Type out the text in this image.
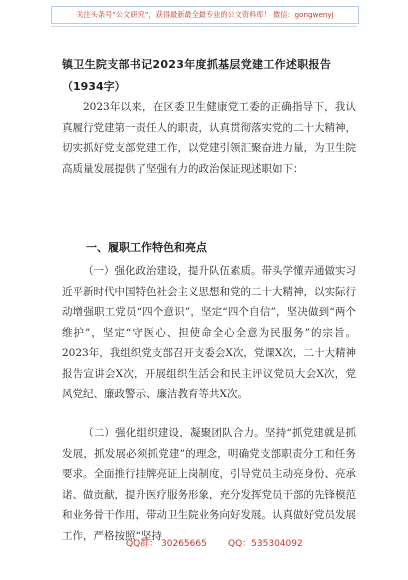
关注头条号“公文研究”，获得最新最全最专业的公文资料库！ 微信：gongwenyj
镇卫生院支部书记2023年度抓基层党建工作述职报告
（1934字）
2023年以来，在区委卫生健康党工委的正确指导下，我认真履行党建第一责任人的职责，认真贯彻落实党的二十大精神，切实抓好党支部党建工作，以党建引领汇聚奋进力量，为卫生院高质量发展提供了坚强有力的政治保证现述职如下：
一、履职工作特色和亮点
（一）强化政治建设，提升队伍素质。带头学懂弄通做实习近平新时代中国特色社会主义思想和党的二十大精神，以实际行动增强职工党员“四个意识”，坚定“四个自信”，坚决做到“两个维护”，坚定“守医心、担使命全心全意为民服务”的宗旨。2023年，我组织党支部召开支委会X次，党课X次，二十大精神报告宣讲会X次，开展组织生活会和民主评议党员大会X次，党风党纪、廉政警示、廉洁教育等共X次。
（二）强化组织建设，凝聚团队合力。坚持“抓党建就是抓发展，抓发展必须抓党建”的理念，明确党支部职责分工和任务要求。全面推行挂牌亮证上岗制度，引导党员主动亮身份、亮承诺、做贡献，提升医疗服务形象，充分发挥党员干部的先锋模范和业务骨干作用，带动卫生院业务向好发展。认真做好党员发展工作，严格按照“坚持
QQ群： 30265665 QQ：535304092
